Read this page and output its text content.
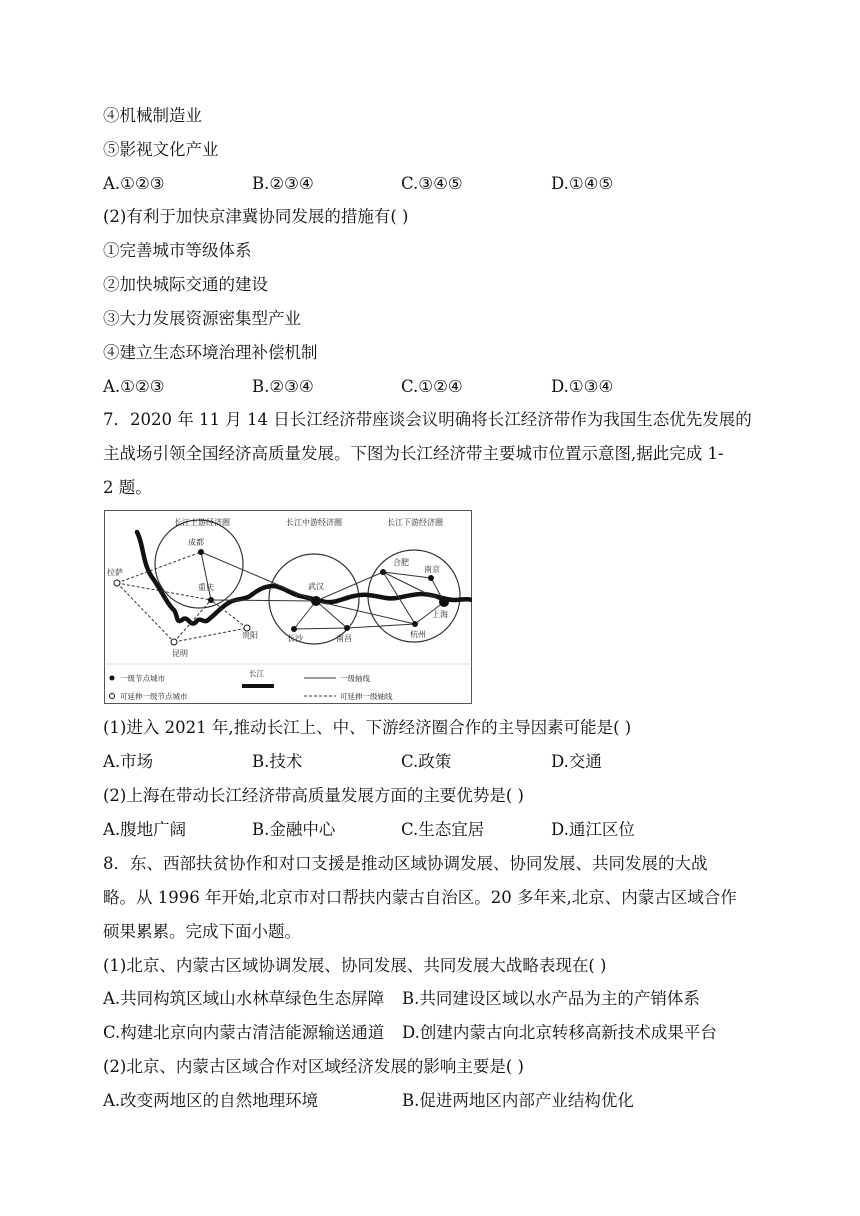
④机械制造业
⑤影视文化产业
A.①②③	B.②③④	C.③④⑤	D.①④⑤
(2)有利于加快京津冀协同发展的措施有( )
①完善城市等级体系
②加快城际交通的建设
③大力发展资源密集型产业
④建立生态环境治理补偿机制
A.①②③	B.②③④	C.①②④	D.①③④
7．2020 年 11 月 14 日长江经济带座谈会议明确将长江经济带作为我国生态优先发展的
主战场引领全国经济高质量发展。下图为长江经济带主要城市位置示意图,据此完成 1-
2 题。
长江上游经济圈	长江中游经济圈	长江下游经济圈
成都
拉萨
重庆
昆明
贵阳
武汉
长沙	南昌
合肥
南京
杭州
上海
一级节点城市
可延伸一级节点城市
长江
一级轴线
可延伸一级轴线
(1)进入 2021 年,推动长江上、中、下游经济圈合作的主导因素可能是( )
A.市场	B.技术	C.政策	D.交通
(2)上海在带动长江经济带高质量发展方面的主要优势是( )
A.腹地广阔	B.金融中心	C.生态宜居	D.通江区位
8．东、西部扶贫协作和对口支援是推动区域协调发展、协同发展、共同发展的大战
略。从 1996 年开始,北京市对口帮扶内蒙古自治区。20 多年来,北京、内蒙古区域合作
硕果累累。完成下面小题。
(1)北京、内蒙古区域协调发展、协同发展、共同发展大战略表现在( )
A.共同构筑区域山水林草绿色生态屏障 B.共同建设区域以水产品为主的产销体系
C.构建北京向内蒙古清洁能源输送通道 D.创建内蒙古向北京转移高新技术成果平台
(2)北京、内蒙古区域合作对区域经济发展的影响主要是( )
A.改变两地区的自然地理环境	B.促进两地区内部产业结构优化
